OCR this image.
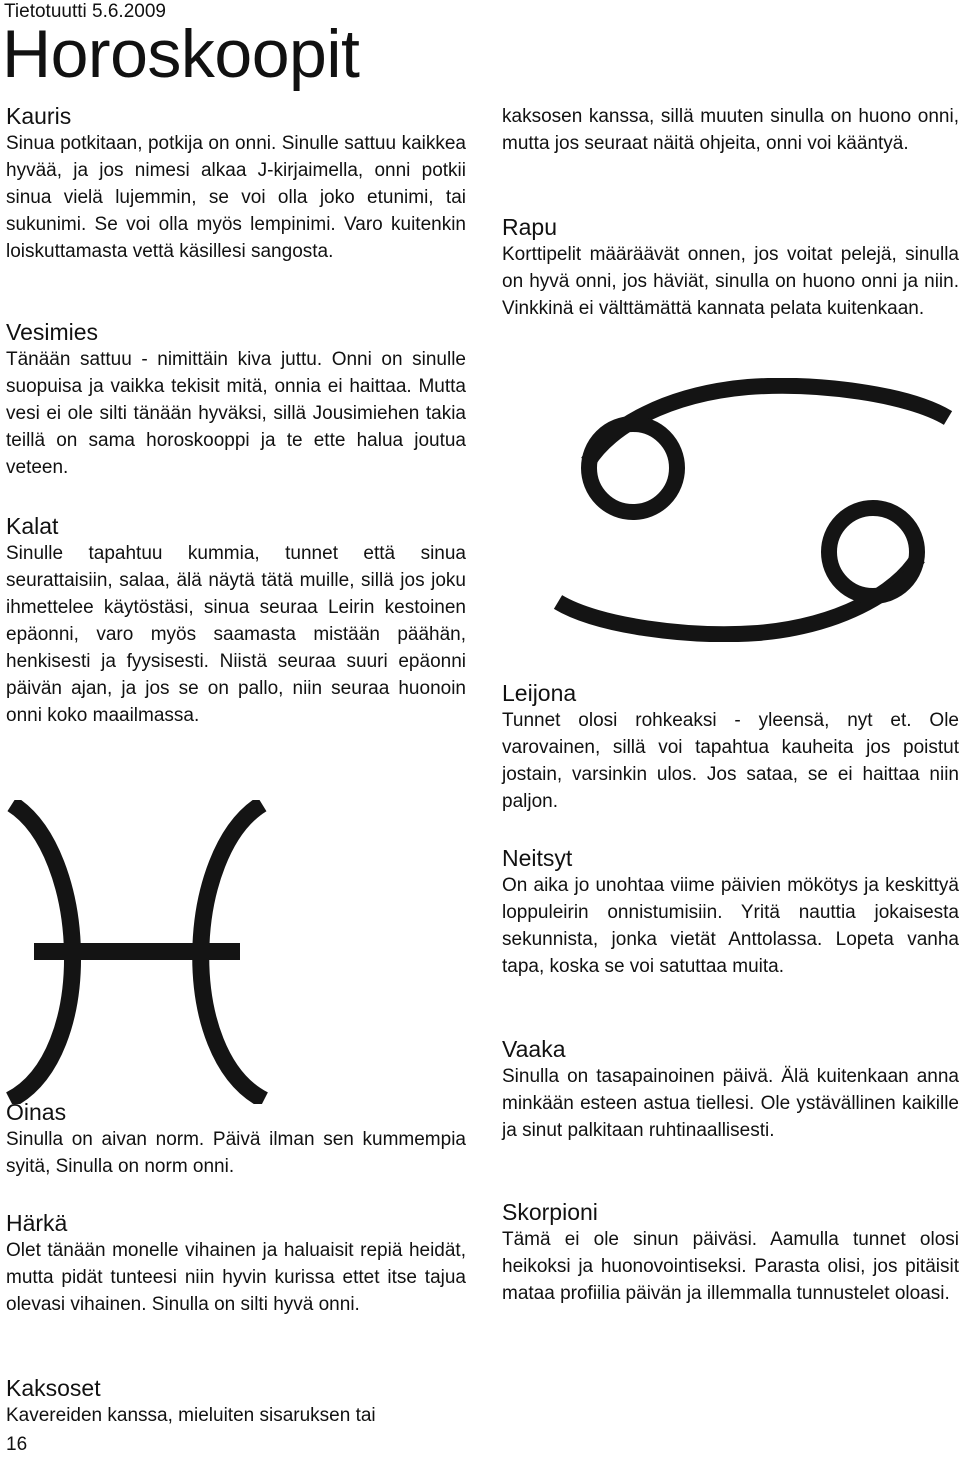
Tietotuutti 5.6.2009
Horoskoopit
Kauris

Sinua potkitaan, potkija on onni. Sinulle sattuu kaikkea hyvää, ja jos nimesi alkaa J-kirjaimella, onni potkii sinua vielä lujemmin, se voi olla joko etunimi, tai sukunimi. Se voi olla myös lempinimi. Varo kuitenkin loiskuttamasta vettä käsillesi sangosta.

Vesimies

Tänään sattuu - nimittäin kiva juttu. Onni on sinulle suopuisa ja vaikka tekisit mitä, onnia ei haittaa. Mutta vesi ei ole silti tänään hyväksi, sillä Jousimiehen takia teillä on sama horoskooppi ja te ette halua joutua veteen.

Kalat

Sinulle tapahtuu kummia, tunnet että sinua seurattaisiin, salaa, älä näytä tätä muille, sillä jos joku ihmettelee käytöstäsi, sinua seuraa Leirin kestoinen epäonni, varo myös saamasta mistään päähän, henkisesti ja fyysisesti. Niistä seuraa suuri epäonni päivän ajan, ja jos se on pallo, niin seuraa huonoin onni koko maailmassa.

Oinas

Sinulla on aivan norm. Päivä ilman sen kummempia syitä, Sinulla on norm onni.

Härkä

Olet tänään monelle vihainen ja haluaisit repiä heidät, mutta pidät tunteesi niin hyvin kurissa ettet itse tajua olevasi vihainen. Sinulla on silti hyvä onni.

Kaksoset

Kavereiden kanssa, mieluiten sisaruksen tai

16

kaksosen kanssa, sillä muuten sinulla on huono onni, mutta jos seuraat näitä ohjeita, onni voi kääntyä.

Rapu

Korttipelit määräävät onnen, jos voitat pelejä, sinulla on hyvä onni, jos häviät, sinulla on huono onni ja niin. Vinkkinä ei välttämättä kannata pelata kuitenkaan.

Leijona

Tunnet olosi rohkeaksi - yleensä, nyt et. Ole varovainen, sillä voi tapahtua kauheita jos poistut jostain, varsinkin ulos. Jos sataa, se ei haittaa niin paljon.

Neitsyt

On aika jo unohtaa viime päivien mökötys ja keskittyä loppuleirin onnistumisiin. Yritä nauttia jokaisesta sekunnista, jonka vietät Anttolassa. Lopeta vanha tapa, koska se voi satuttaa muita.

Vaaka

Sinulla on tasapainoinen päivä. Älä kuitenkaan anna minkään esteen astua tiellesi. Ole ystävällinen kaikille ja sinut palkitaan ruhtinaallisesti.

Skorpioni

Tämä ei ole sinun päiväsi. Aamulla tunnet olosi heikoksi ja huonovointiseksi. Parasta olisi, jos pitäisit mataa profiilia päivän ja illemmalla tunnustelet oloasi.
